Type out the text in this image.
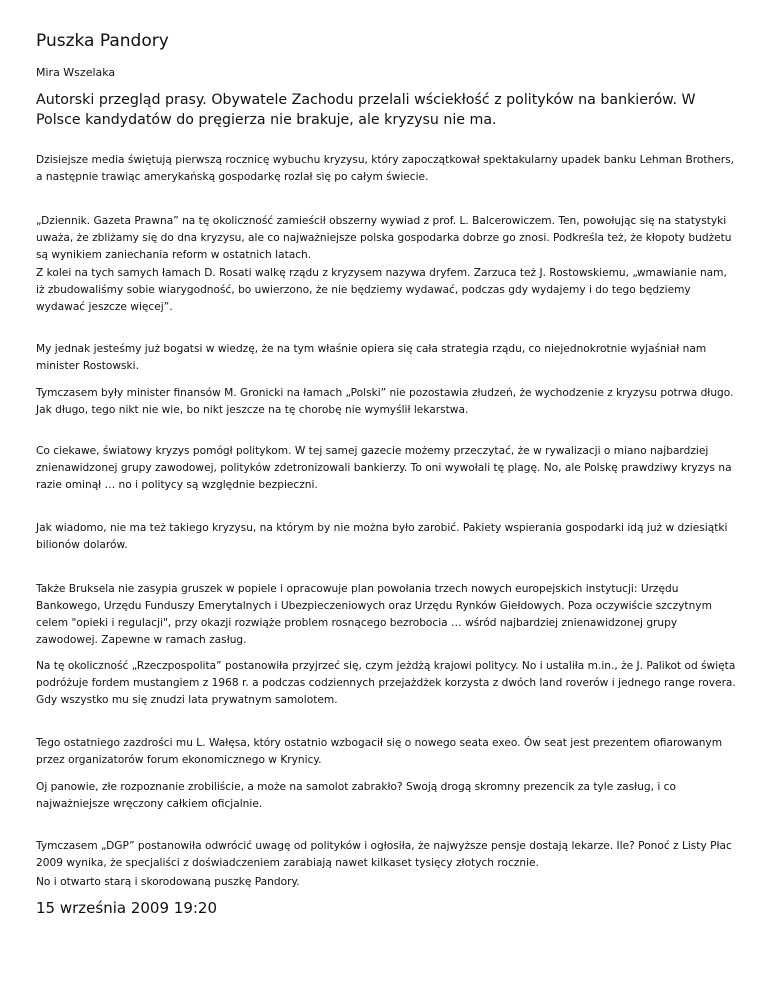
Puszka Pandory
Mira Wszelaka
Autorski przegląd prasy. Obywatele Zachodu przelali wściekłość z polityków na bankierów. W Polsce kandydatów do pręgierza nie brakuje, ale kryzysu nie ma.

Dzisiejsze media świętują pierwszą rocznicę wybuchu kryzysu, który zapoczątkował spektakularny upadek banku Lehman Brothers, a następnie trawiąc amerykańską gospodarkę rozlał się po całym świecie.

„Dziennik. Gazeta Prawna” na tę okoliczność zamieścił obszerny wywiad z prof. L. Balcerowiczem. Ten, powołując się na statystyki uważa, że zbliżamy się do dna kryzysu, ale co najważniejsze polska gospodarka dobrze go znosi. Podkreśla też, że kłopoty budżetu są wynikiem zaniechania reform w ostatnich latach.

Z kolei na tych samych łamach D. Rosati walkę rządu z kryzysem nazywa dryfem. Zarzuca też J. Rostowskiemu, „wmawianie nam, iż zbudowaliśmy sobie wiarygodność, bo uwierzono, że nie będziemy wydawać, podczas gdy wydajemy i do tego będziemy wydawać jeszcze więcej”.

My jednak jesteśmy już bogatsi w wiedzę, że na tym właśnie opiera się cała strategia rządu, co niejednokrotnie wyjaśniał nam minister Rostowski.

Tymczasem były minister finansów M. Gronicki na łamach „Polski” nie pozostawia złudzeń, że wychodzenie z kryzysu potrwa długo. Jak długo, tego nikt nie wie, bo nikt jeszcze na tę chorobę nie wymyślił lekarstwa.

Co ciekawe, światowy kryzys pomógł politykom. W tej samej gazecie możemy przeczytać, że w rywalizacji o miano najbardziej znienawidzonej grupy zawodowej, polityków zdetronizowali bankierzy. To oni wywołali tę plagę. No, ale Polskę prawdziwy kryzys na razie ominął … no i politycy są względnie bezpieczni.

Jak wiadomo, nie ma też takiego kryzysu, na którym by nie można było zarobić. Pakiety wspierania gospodarki idą już w dziesiątki bilionów dolarów.

Także Bruksela nie zasypia gruszek w popiele i opracowuje plan powołania trzech nowych europejskich instytucji: Urzędu Bankowego, Urzędu Funduszy Emerytalnych i Ubezpieczeniowych oraz Urzędu Rynków Giełdowych. Poza oczywiście szczytnym celem "opieki i regulacji", przy okazji rozwiąże problem rosnącego bezrobocia … wśród najbardziej znienawidzonej grupy zawodowej. Zapewne w ramach zasług.

Na tę okoliczność „Rzeczpospolita” postanowiła przyjrzeć się, czym jeżdżą krajowi politycy. No i ustaliła m.in., że J. Palikot od święta podróżuje fordem mustangiem z 1968 r. a podczas codziennych przejażdżek korzysta z dwóch land roverów i jednego range rovera. Gdy wszystko mu się znudzi lata prywatnym samolotem.

Tego ostatniego zazdrości mu L. Wałęsa, który ostatnio wzbogacił się o nowego seata exeo. Ów seat jest prezentem ofiarowanym przez organizatorów forum ekonomicznego w Krynicy.

Oj panowie, złe rozpoznanie zrobiliście, a może na samolot zabrakło? Swoją drogą skromny prezencik za tyle zasług, i co najważniejsze wręczony całkiem oficjalnie.

Tymczasem „DGP” postanowiła odwrócić uwagę od polityków i ogłosiła, że najwyższe pensje dostają lekarze. Ile? Ponoć z Listy Płac 2009 wynika, że specjaliści z doświadczeniem zarabiają nawet kilkaset tysięcy złotych rocznie.

No i otwarto starą i skorodowaną puszkę Pandory.

15 września 2009 19:20
